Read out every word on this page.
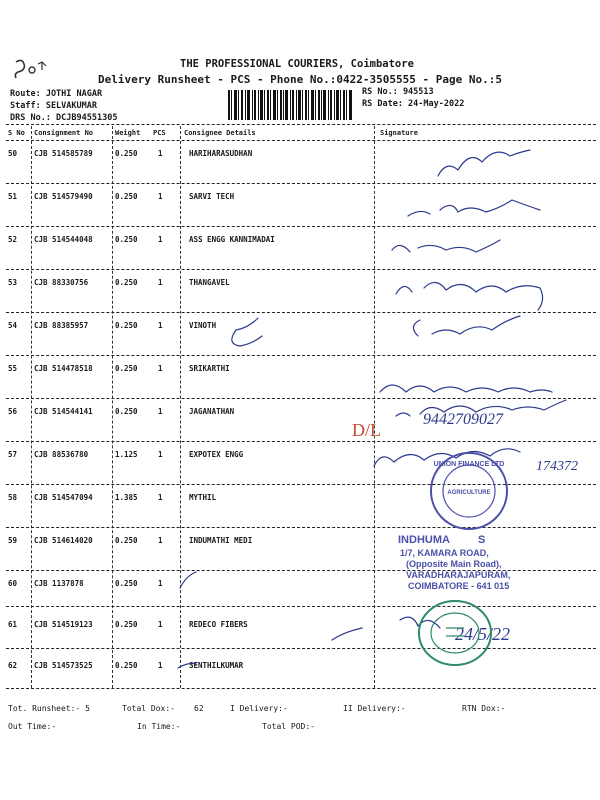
THE PROFESSIONAL COURIERS, Coimbatore
Delivery Runsheet - PCS - Phone No.:0422-3505555 - Page No.:5
Route: JOTHI NAGAR
Staff: SELVAKUMAR
DRS No.: DCJB94551305
RS No.: 945513
RS Date: 24-May-2022
S No Consignment No	Weight PCS	Consignee Details	Signature
50 CJB 514585789	0.250	1	HARIHARASUDHAN
51 CJB 514579490	0.250	1	SARVI TECH
52 CJB 514544048	0.250	1	ASS ENGG KANNIMADAI
53 CJB 88330756	0.250	1	THANGAVEL
54 CJB 88385957	0.250	1	VINOTH
55 CJB 514478518	0.250	1	SRIKARTHI
56 CJB 514544141	0.250	1	JAGANATHAN
57 CJB 88536780	1.125	1	EXPOTEX ENGG
58 CJB 514547094	1.385	1	MYTHIL
59 CJB 514614020	0.250	1	INDUMATHI MEDI
60 CJB 1137878	0.250	1
61 CJB 514519123	0.250	1	REDECO FIBERS
62 CJB 514573525	0.250	1	SENTHILKUMAR
Tot. Runsheet:- 5	Total Dox:- 62	I Delivery:-	II Delivery:-	RTN Dox:-
Out Time:-	In Time:-	Total POD:-
9442709027
174372
D/L
24/5/22
UNION FINANCE LTD
AGRICULTURE
INDHUMA	S
1/7, KAMARA ROAD,
(Opposite Main Road),
VARADHARAJAPURAM,
COIMBATORE - 641 015
